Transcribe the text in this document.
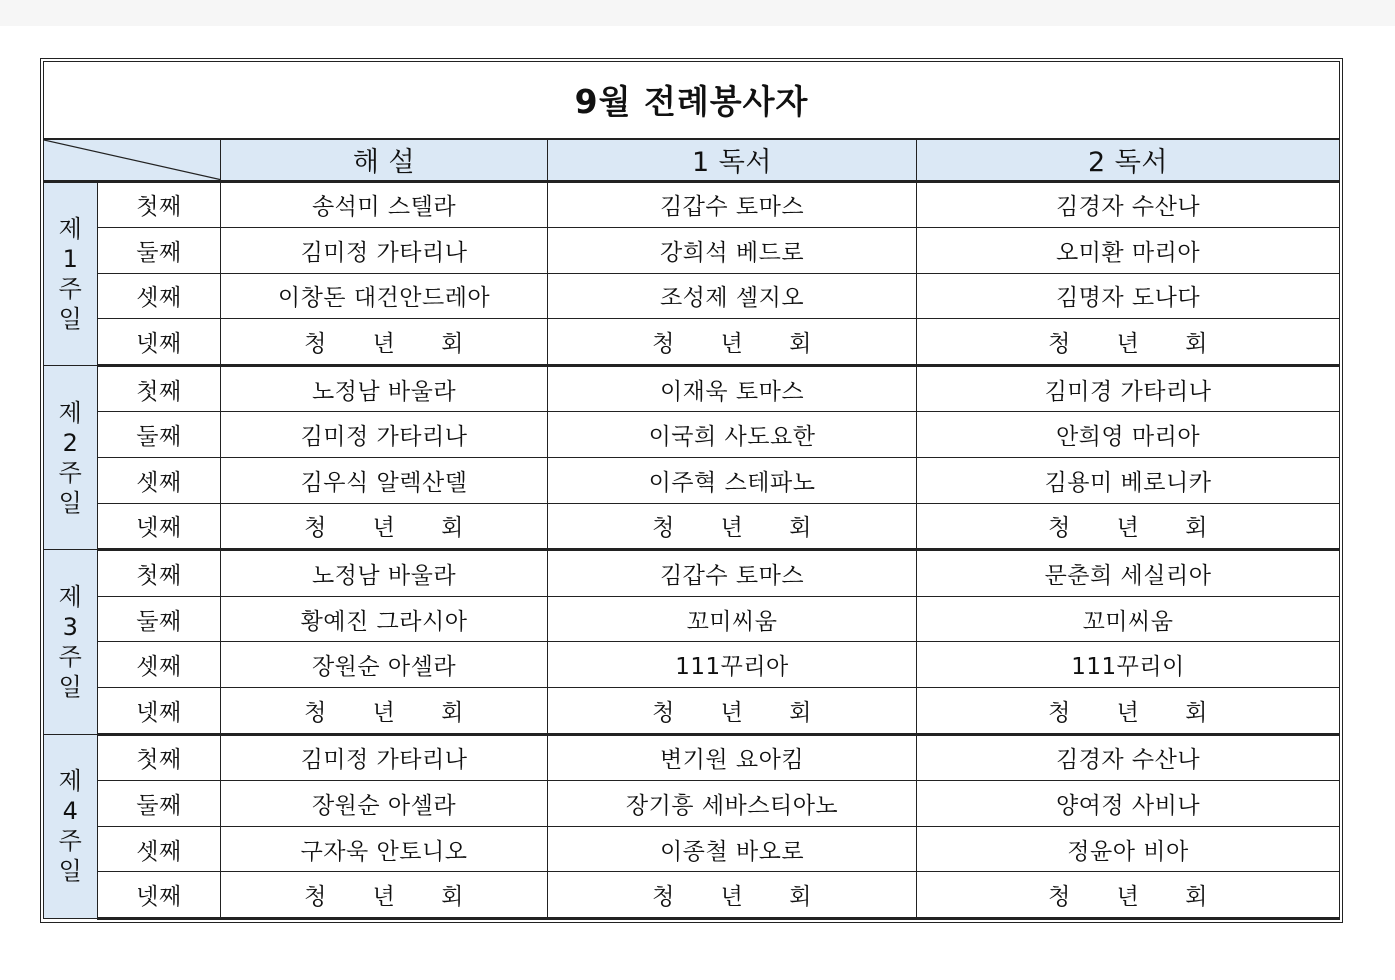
9월 전례봉사자				

	해 설	1 독서	2 독서

제
1
주
일	첫째	송석미 스텔라	김갑수 토마스	김경자 수산나
	둘째	김미정 가타리나	강희석 베드로	오미환 마리아
	셋째	이창돈 대건안드레아	조성제 셀지오	김명자 도나다
	넷째	청 년 회	청 년 회	청 년 회

제
2
주
일	첫째	노정남 바울라	이재욱 토마스	김미경 가타리나
	둘째	김미정 가타리나	이국희 사도요한	안희영 마리아
	셋째	김우식 알렉산델	이주혁 스테파노	김용미 베로니카
	넷째	청 년 회	청 년 회	청 년 회

제
3
주
일	첫째	노정남 바울라	김갑수 토마스	문춘희 세실리아
	둘째	황예진 그라시아	꼬미씨움	꼬미씨움
	셋째	장원순 아셀라	111꾸리아	111꾸리이
	넷째	청 년 회	청 년 회	청 년 회

제
4
주
일	첫째	김미정 가타리나	변기원 요아킴	김경자 수산나
	둘째	장원순 아셀라	장기흥 세바스티아노	양여정 사비나
	셋째	구자욱 안토니오	이종철 바오로	정윤아 비아
	넷째	청 년 회	청 년 회	청 년 회
